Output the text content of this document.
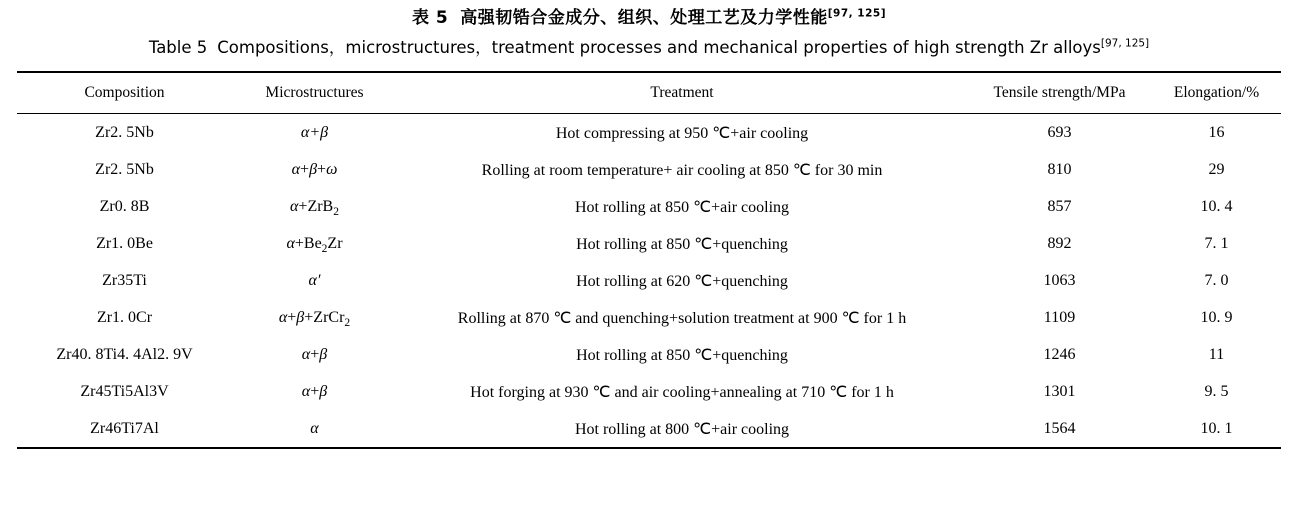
表 5 高强韧锆合金成分、组织、处理工艺及力学性能[97, 125]
Table 5 Compositions，microstructures，treatment processes and mechanical properties of high strength Zr alloys[97, 125]
Composition	Microstructures	Treatment	Tensile strength/MPa	Elongation/%
Zr2. 5Nb	α+β	Hot compressing at 950 ℃+air cooling	693	16
Zr2. 5Nb	α+β+ω	Rolling at room temperature+ air cooling at 850 ℃ for 30 min	810	29
Zr0. 8B	α+ZrB$_2$	Hot rolling at 850 ℃+air cooling	857	10. 4
Zr1. 0Be	$\alpha+Be_2Zr$	Hot rolling at 850 ℃+quenching	892	7. 1
Zr35Ti	α′	Hot rolling at 620 ℃+quenching	1063	7. 0
Zr1. 0Cr	α+β+ZrCr$_2$	Rolling at 870 ℃ and quenching+solution treatment at 900 ℃ for 1 h	1109	10. 9
Zr40. 8Ti4. 4Al2. 9V	α+β	Hot rolling at 850 ℃+quenching	1246	11
Zr45Ti5Al3V	α+β	Hot forging at 930 ℃ and air cooling+annealing at 710 ℃ for 1 h	1301	9. 5
Zr46Ti7Al	α	Hot rolling at 800 ℃+air cooling	1564	10. 1
